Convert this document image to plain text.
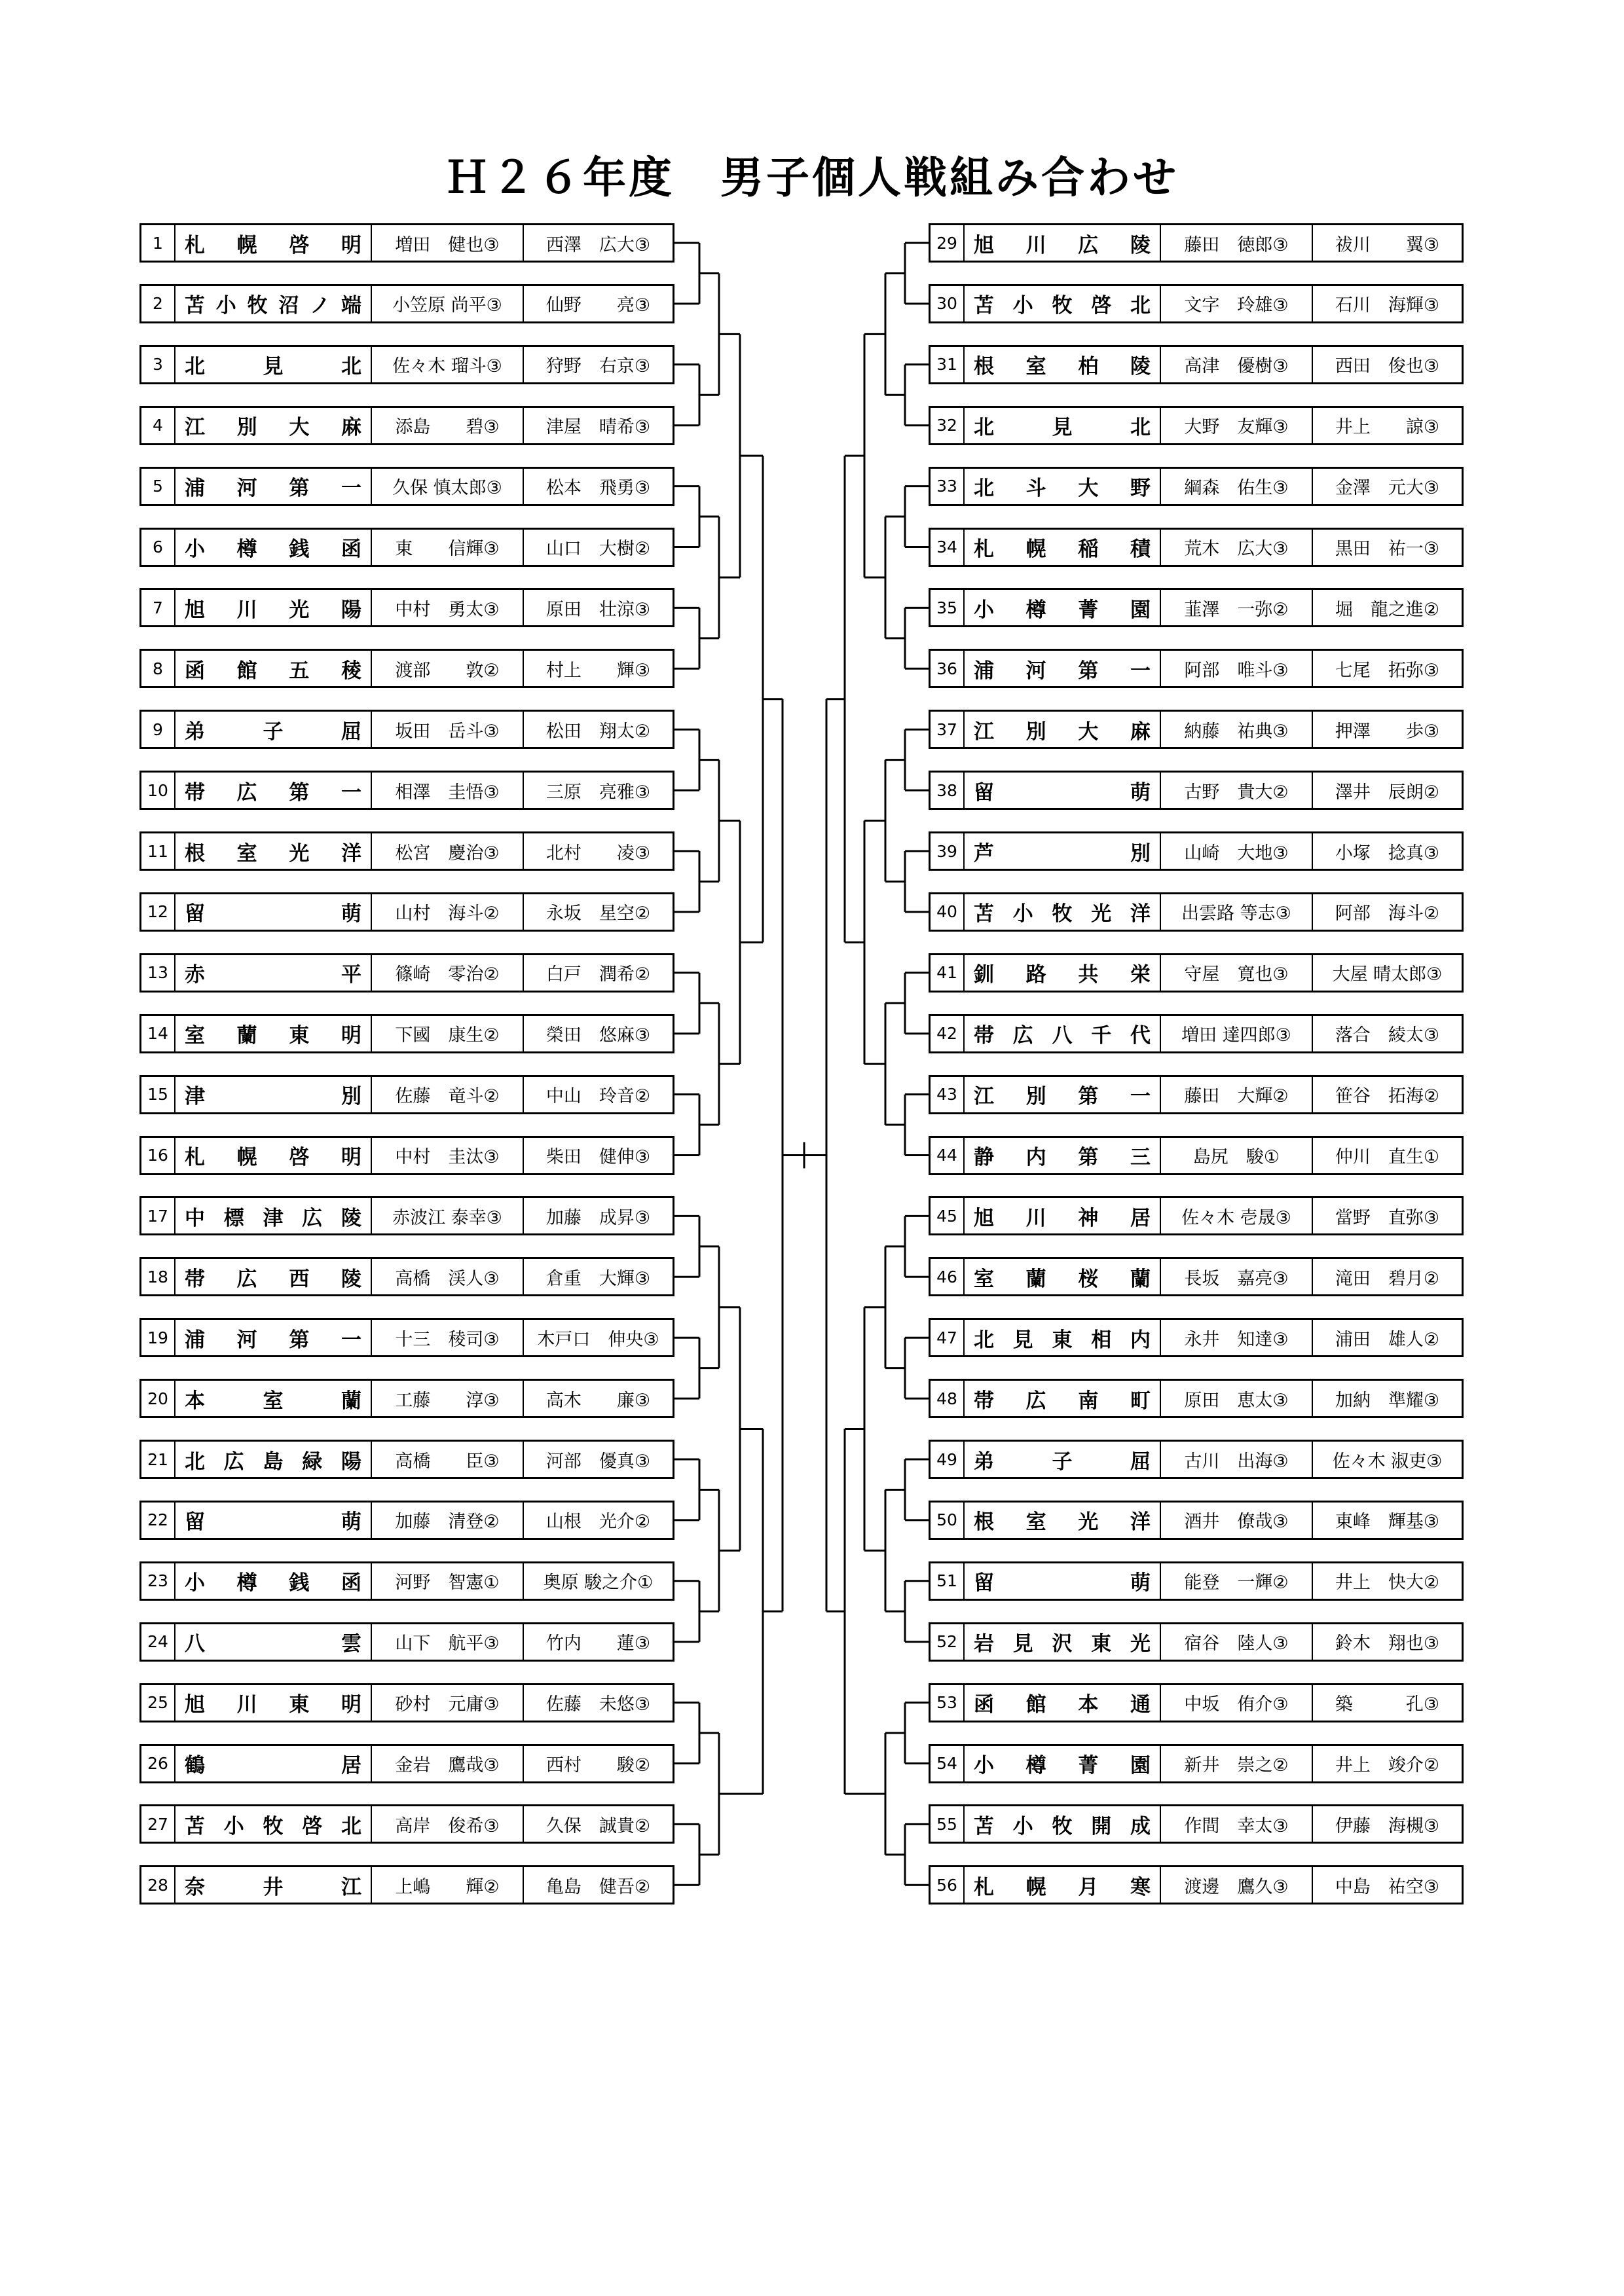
Ｈ２６年度　男子個人戦組み合わせ
1	札 幌 啓 明	増田　健也③	西澤　広大③
2	苫 小 牧 沼 ノ 端	小笠原 尚平③	仙野　　亮③
3	北	見	北	佐々木 瑠斗③	狩野　右京③
4	江 別 大 麻	添島　　碧③	津屋　晴希③
5	浦 河 第 一	久保 慎太郎③	松本　飛勇③
6	小 樽 銭 函	東　　信輝③	山口　大樹②
7	旭 川 光 陽	中村　勇太③	原田　壮涼③
8	函 館 五 稜	渡部　　敦②	村上　　輝③
9	弟	子	屈	坂田　岳斗③	松田　翔太②
10 帯 広 第 一	相澤　圭悟③	三原　亮雅③
11 根 室 光 洋	松宮　慶治③	北村　　凌③
12 留	萌	山村　海斗②	永坂　星空②
13 赤	平	篠崎　零治②	白戸　潤希②
14 室 蘭 東 明	下國　康生②	榮田　悠麻③
15 津	別	佐藤　竜斗②	中山　玲音②
16 札 幌 啓 明	中村　圭汰③	柴田　健伸③
17 中 標 津 広 陵	赤波江 泰幸③	加藤　成昇③
18 帯 広 西 陵	高橋　渓人③	倉重　大輝③
19 浦 河 第 一	十三　稜司③	木戸口　伸央③
20 本	室	蘭	工藤　　淳③	高木　　廉③
21 北 広 島 緑 陽	高橋　　臣③	河部　優真③
22 留	萌	加藤　清登②	山根　光介②
23 小 樽 銭 函	河野　智憲①	奥原 駿之介①
24 八	雲	山下　航平③	竹内　　蓮③
25 旭 川 東 明	砂村　元庸③	佐藤　未悠③
26 鶴	居	金岩　鷹哉③	西村　　駿②
27 苫 小 牧 啓 北	高岸　俊希③	久保　誠貴②
28 奈	井	江	上嶋　　輝②	亀島　健吾②
29 旭 川 広 陵	藤田　徳郎③	祓川　　翼③
30 苫 小 牧 啓 北	文字　玲雄③	石川　海輝③
31 根 室 柏 陵	高津　優樹③	西田　俊也③
32 北	見	北	大野　友輝③	井上　　諒③
33 北 斗 大 野	綱森　佑生③	金澤　元大③
34 札 幌 稲 積	荒木　広大③	黒田　祐一③
35 小 樽 菁 園	韮澤　一弥②	堀　龍之進②
36 浦 河 第 一	阿部　唯斗③	七尾　拓弥③
37 江 別 大 麻	納藤　祐典③	押澤　　歩③
38 留	萌	古野　貴大②	澤井　辰朗②
39 芦	別	山崎　大地③	小塚　捻真③
40 苫 小 牧 光 洋	出雲路 等志③	阿部　海斗②
41 釧 路 共 栄	守屋　寛也③	大屋 晴太郎③
42 帯 広 八 千 代	増田 達四郎③	落合　綾太③
43 江 別 第 一	藤田　大輝②	笹谷　拓海②
44 静 内 第 三	島尻　駿①	仲川　直生①
45 旭 川 神 居	佐々木 壱晟③	當野　直弥③
46 室 蘭 桜 蘭	長坂　嘉亮③	滝田　碧月②
47 北 見 東 相 内	永井　知達③	浦田　雄人②
48 帯 広 南 町	原田　恵太③	加納　準耀③
49 弟	子	屈	古川　出海③	佐々木 淑吏③
50 根 室 光 洋	酒井　僚哉③	東峰　輝基③
51 留	萌	能登　一輝②	井上　快大②
52 岩 見 沢 東 光	宿谷　陸人③	鈴木　翔也③
53 函 館 本 通	中坂　侑介③	築　　　孔③
54 小 樽 菁 園	新井　崇之②	井上　竣介②
55 苫 小 牧 開 成	作間　幸太③	伊藤　海槻③
56 札 幌 月 寒	渡邊　鷹久③	中島　祐空③
